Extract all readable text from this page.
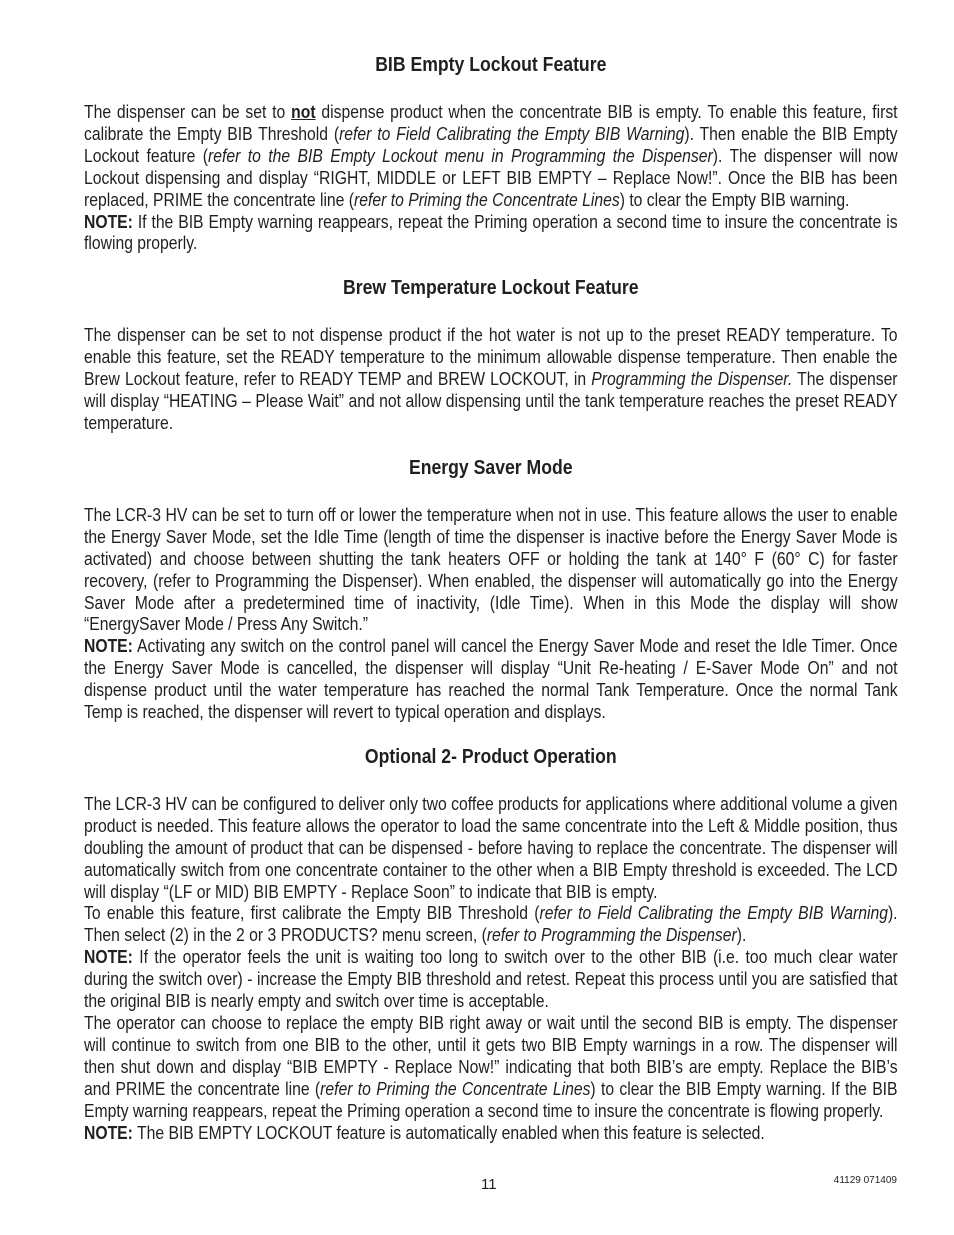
BIB Empty Lockout Feature

The dispenser can be set to not dispense product when the concentrate BIB is empty. To enable this feature, first calibrate the Empty BIB Threshold (refer to Field Calibrating the Empty BIB Warning). Then enable the BIB Empty Lockout feature (refer to the BIB Empty Lockout menu in Programming the Dispenser). The dispenser will now Lockout dispensing and display “RIGHT, MIDDLE or LEFT BIB EMPTY – Replace Now!”. Once the BIB has been replaced, PRIME the concentrate line (refer to Priming the Concentrate Lines) to clear the Empty BIB warning.

NOTE: If the BIB Empty warning reappears, repeat the Priming operation a second time to insure the concentrate is flowing properly.

Brew Temperature Lockout Feature

The dispenser can be set to not dispense product if the hot water is not up to the preset READY temperature. To enable this feature, set the READY temperature to the minimum allowable dispense temperature. Then enable the Brew Lockout feature, refer to READY TEMP and BREW LOCKOUT, in Programming the Dispenser. The dispenser will display “HEATING – Please Wait” and not allow dispensing until the tank temperature reaches the preset READY temperature.

Energy Saver Mode

The LCR-3 HV can be set to turn off or lower the temperature when not in use. This feature allows the user to enable the Energy Saver Mode, set the Idle Time (length of time the dispenser is inactive before the Energy Saver Mode is activated) and choose between shutting the tank heaters OFF or holding the tank at 140° F (60° C) for faster recovery, (refer to Programming the Dispenser). When enabled, the dispenser will automatically go into the Energy Saver Mode after a predetermined time of inactivity, (Idle Time). When in this Mode the display will show “EnergySaver Mode / Press Any Switch.”

NOTE: Activating any switch on the control panel will cancel the Energy Saver Mode and reset the Idle Timer. Once the Energy Saver Mode is cancelled, the dispenser will display “Unit Re-heating / E-Saver Mode On” and not dispense product until the water temperature has reached the normal Tank Temperature. Once the normal Tank Temp is reached, the dispenser will revert to typical operation and displays.

Optional 2- Product Operation

The LCR-3 HV can be configured to deliver only two coffee products for applications where additional volume a given product is needed. This feature allows the operator to load the same concentrate into the Left & Middle position, thus doubling the amount of product that can be dispensed - before having to replace the concentrate. The dispenser will automatically switch from one concentrate container to the other when a BIB Empty threshold is exceeded. The LCD will display “(LF or MID) BIB EMPTY - Replace Soon” to indicate that BIB is empty.

To enable this feature, first calibrate the Empty BIB Threshold (refer to Field Calibrating the Empty BIB Warning). Then select (2) in the 2 or 3 PRODUCTS? menu screen, (refer to Programming the Dispenser).

NOTE: If the operator feels the unit is waiting too long to switch over to the other BIB (i.e. too much clear water during the switch over) - increase the Empty BIB threshold and retest. Repeat this process until you are satisfied that the original BIB is nearly empty and switch over time is acceptable.

The operator can choose to replace the empty BIB right away or wait until the second BIB is empty. The dispenser will continue to switch from one BIB to the other, until it gets two BIB Empty warnings in a row. The dispenser will then shut down and display “BIB EMPTY - Replace Now!” indicating that both BIB’s are empty. Replace the BIB’s and PRIME the concentrate line (refer to Priming the Concentrate Lines) to clear the BIB Empty warning. If the BIB Empty warning reappears, repeat the Priming operation a second time to insure the concentrate is flowing properly.

NOTE: The BIB EMPTY LOCKOUT feature is automatically enabled when this feature is selected.

11	41129 071409
